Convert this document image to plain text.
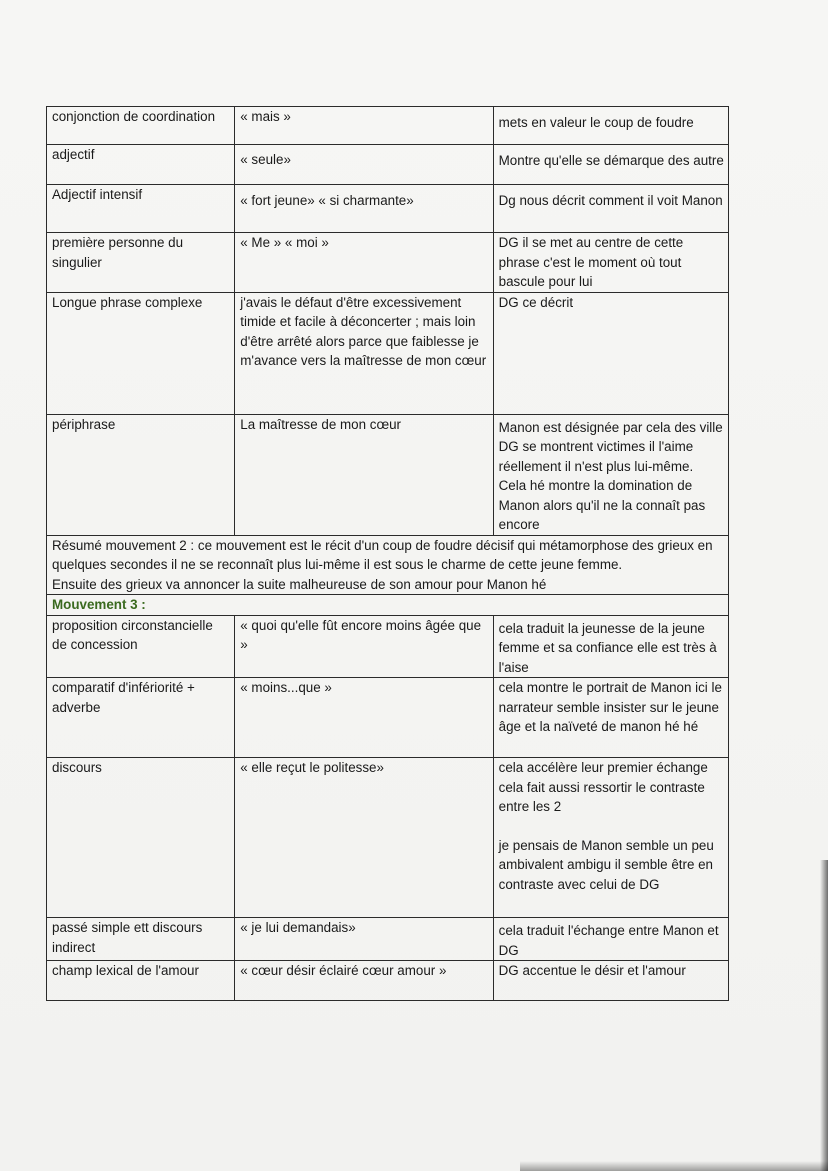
conjonction de coordination	« mais »	mets en valeur le coup de foudre
adjectif	« seule»	Montre qu'elle se démarque des autre
Adjectif intensif	« fort jeune» « si charmante»	Dg nous décrit comment il voit Manon
première personne du singulier	« Me » « moi »	DG il se met au centre de cette phrase c'est le moment où tout bascule pour lui
Longue phrase complexe	j'avais le défaut d'être excessivement timide et facile à déconcerter ; mais loin d'être arrêté alors parce que faiblesse je m'avance vers la maîtresse de mon cœur	DG ce décrit
périphrase	La maîtresse de mon cœur	Manon est désignée par cela des ville DG se montrent victimes il l'aime réellement il n'est plus lui-même. Cela hé montre la domination de Manon alors qu'il ne la connaît pas encore

Résumé mouvement 2 : ce mouvement est le récit d'un coup de foudre décisif qui métamorphose des grieux en quelques secondes il ne se reconnaît plus lui-même il est sous le charme de cette jeune femme.
Ensuite des grieux va annoncer la suite malheureuse de son amour pour Manon hé		

Mouvement 3 :		
proposition circonstancielle de concession	« quoi qu'elle fût encore moins âgée que »	cela traduit la jeunesse de la jeune femme et sa confiance elle est très à l'aise
comparatif d'infériorité + adverbe	« moins...que »	cela montre le portrait de Manon ici le narrateur semble insister sur le jeune âge et la naïveté de manon hé hé
discours	« elle reçut le politesse»	cela accélère leur premier échange cela fait aussi ressortir le contraste entre les 2
je pensais de Manon semble un peu ambivalent ambigu il semble être en contraste avec celui de DG

passé simple ett discours indirect	« je lui demandais»	cela traduit l'échange entre Manon et DG
champ lexical de l'amour	« cœur désir éclairé cœur amour »	DG accentue le désir et l'amour
